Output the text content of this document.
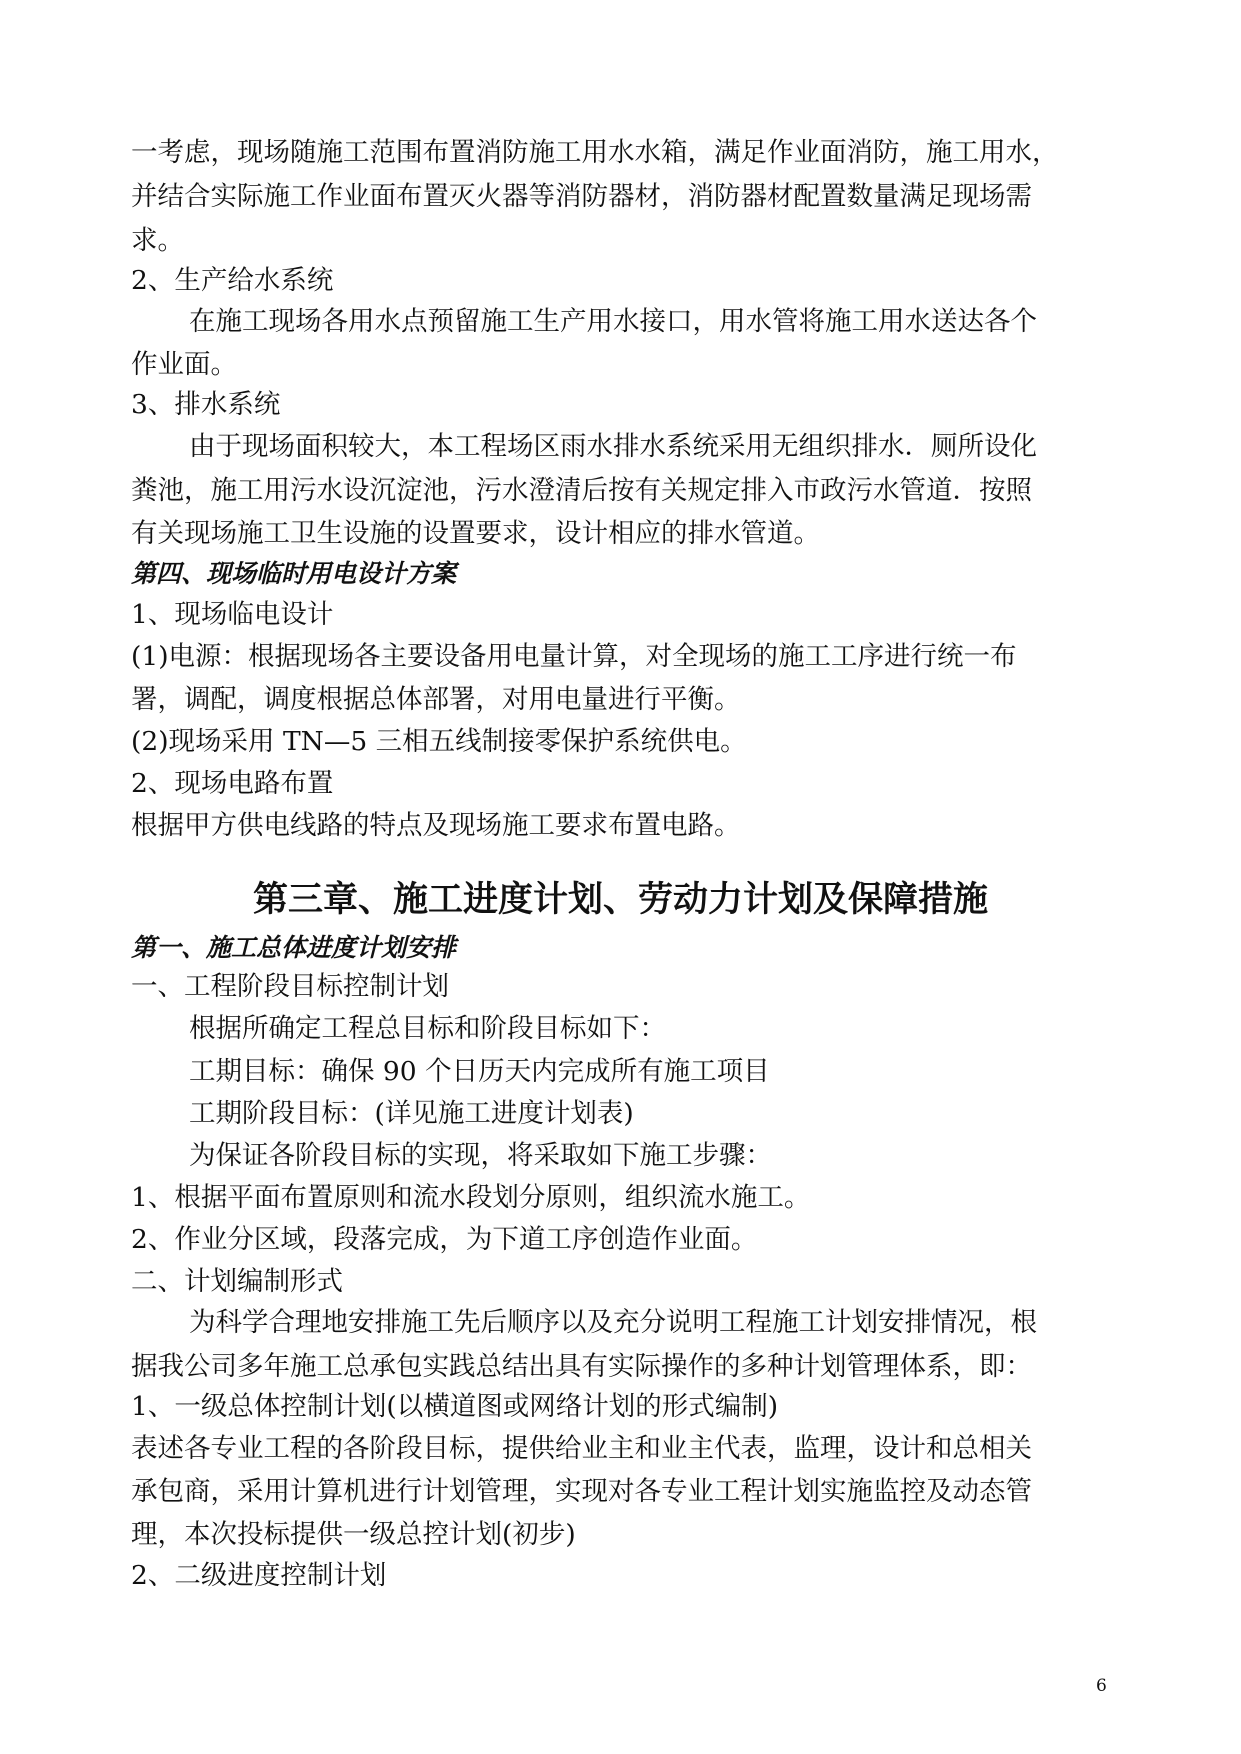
一考虑，现场随施工范围布置消防施工用水水箱，满足作业面消防，施工用水，
并结合实际施工作业面布置灭火器等消防器材，消防器材配置数量满足现场需
求。
2、生产给水系统
在施工现场各用水点预留施工生产用水接口，用水管将施工用水送达各个
作业面。
3、排水系统
由于现场面积较大，本工程场区雨水排水系统采用无组织排水．厕所设化
粪池，施工用污水设沉淀池，污水澄清后按有关规定排入市政污水管道．按照
有关现场施工卫生设施的设置要求，设计相应的排水管道。
第四、现场临时用电设计方案
1、现场临电设计
(1)电源：根据现场各主要设备用电量计算，对全现场的施工工序进行统一布
署，调配，调度根据总体部署，对用电量进行平衡。
(2)现场采用 TN—5 三相五线制接零保护系统供电。
2、现场电路布置
根据甲方供电线路的特点及现场施工要求布置电路。
第三章、施工进度计划、劳动力计划及保障措施
第一、施工总体进度计划安排
一、工程阶段目标控制计划
根据所确定工程总目标和阶段目标如下：
工期目标：确保 90 个日历天内完成所有施工项目
工期阶段目标：(详见施工进度计划表)
为保证各阶段目标的实现，将采取如下施工步骤：
1、根据平面布置原则和流水段划分原则，组织流水施工。
2、作业分区域，段落完成，为下道工序创造作业面。
二、计划编制形式
为科学合理地安排施工先后顺序以及充分说明工程施工计划安排情况，根
据我公司多年施工总承包实践总结出具有实际操作的多种计划管理体系，即：
1、一级总体控制计划(以横道图或网络计划的形式编制)
表述各专业工程的各阶段目标，提供给业主和业主代表，监理，设计和总相关
承包商，采用计算机进行计划管理，实现对各专业工程计划实施监控及动态管
理，本次投标提供一级总控计划(初步)
2、二级进度控制计划
6
